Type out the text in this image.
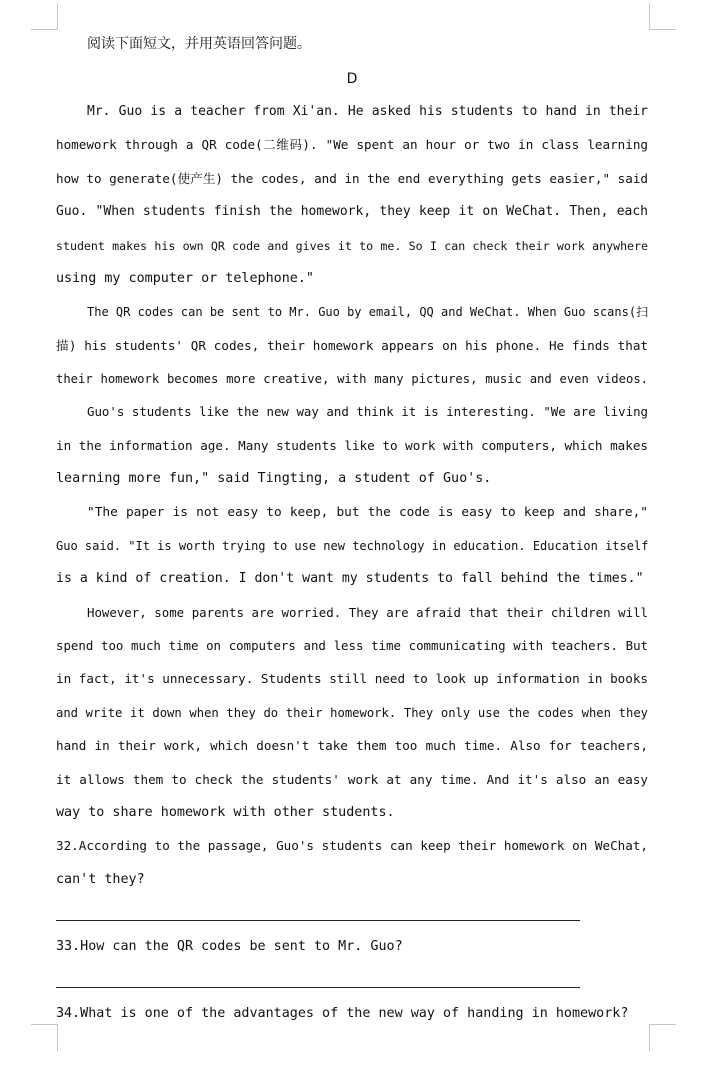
阅读下面短文，并用英语回答问题。
D
Mr. Guo is a teacher from Xi'an. He asked his students to hand in their
homework through a QR code(二维码). "We spent an hour or two in class learning
how to generate(使产生) the codes, and in the end everything gets easier," said
Guo. "When students finish the homework, they keep it on WeChat. Then, each
student makes his own QR code and gives it to me. So I can check their work anywhere
using my computer or telephone."
The QR codes can be sent to Mr. Guo by email, QQ and WeChat. When Guo scans(扫
描) his students' QR codes, their homework appears on his phone. He finds that
their homework becomes more creative, with many pictures, music and even videos.
Guo's students like the new way and think it is interesting. "We are living
in the information age. Many students like to work with computers, which makes
learning more fun," said Tingting, a student of Guo's.
"The paper is not easy to keep, but the code is easy to keep and share,"
Guo said. "It is worth trying to use new technology in education. Education itself
is a kind of creation. I don't want my students to fall behind the times."
However, some parents are worried. They are afraid that their children will
spend too much time on computers and less time communicating with teachers. But
in fact, it's unnecessary. Students still need to look up information in books
and write it down when they do their homework. They only use the codes when they
hand in their work, which doesn't take them too much time. Also for teachers,
it allows them to check the students' work at any time. And it's also an easy
way to share homework with other students.
32.According to the passage, Guo's students can keep their homework on WeChat,
can't they?
33.How can the QR codes be sent to Mr. Guo?
34.What is one of the advantages of the new way of handing in homework?
